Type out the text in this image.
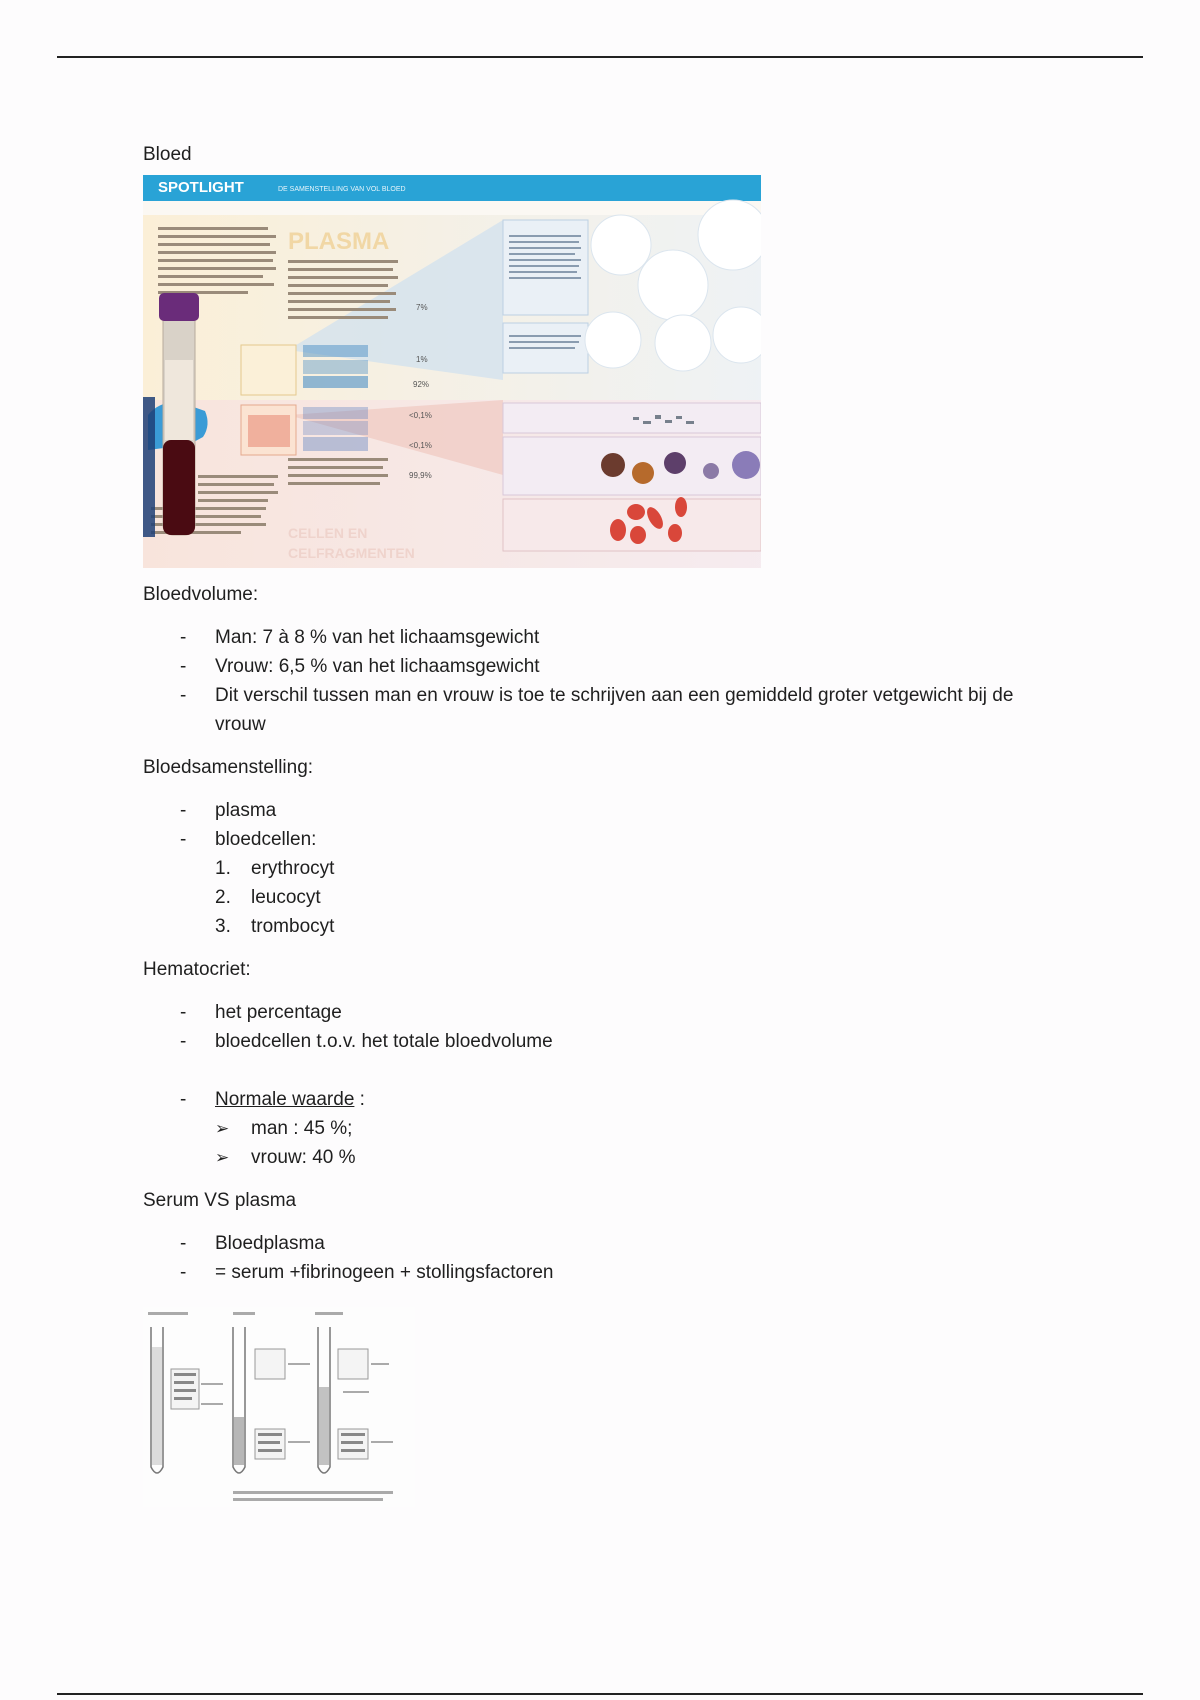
Bloed

SPOTLIGHT	DE SAMENSTELLING VAN VOL BLOED
PLASMA
CELLEN EN
CELFRAGMENTEN
7%
1%
92%
<0,1%
<0,1%
99,9%

Bloedvolume:

- Man: 7 à 8 % van het lichaamsgewicht
- Vrouw: 6,5 % van het lichaamsgewicht
- Dit verschil tussen man en vrouw is toe te schrijven aan een gemiddeld groter vetgewicht bij de vrouw

Bloedsamenstelling:

- plasma
- bloedcellen:
1. erythrocyt
2. leucocyt
3. trombocyt

Hematocriet:

- het percentage
- bloedcellen t.o.v. het totale bloedvolume
- Normale waarde :
➢ man : 45 %;
➢ vrouw: 40 %

Serum VS plasma

- Bloedplasma
- = serum +fibrinogeen + stollingsfactoren
